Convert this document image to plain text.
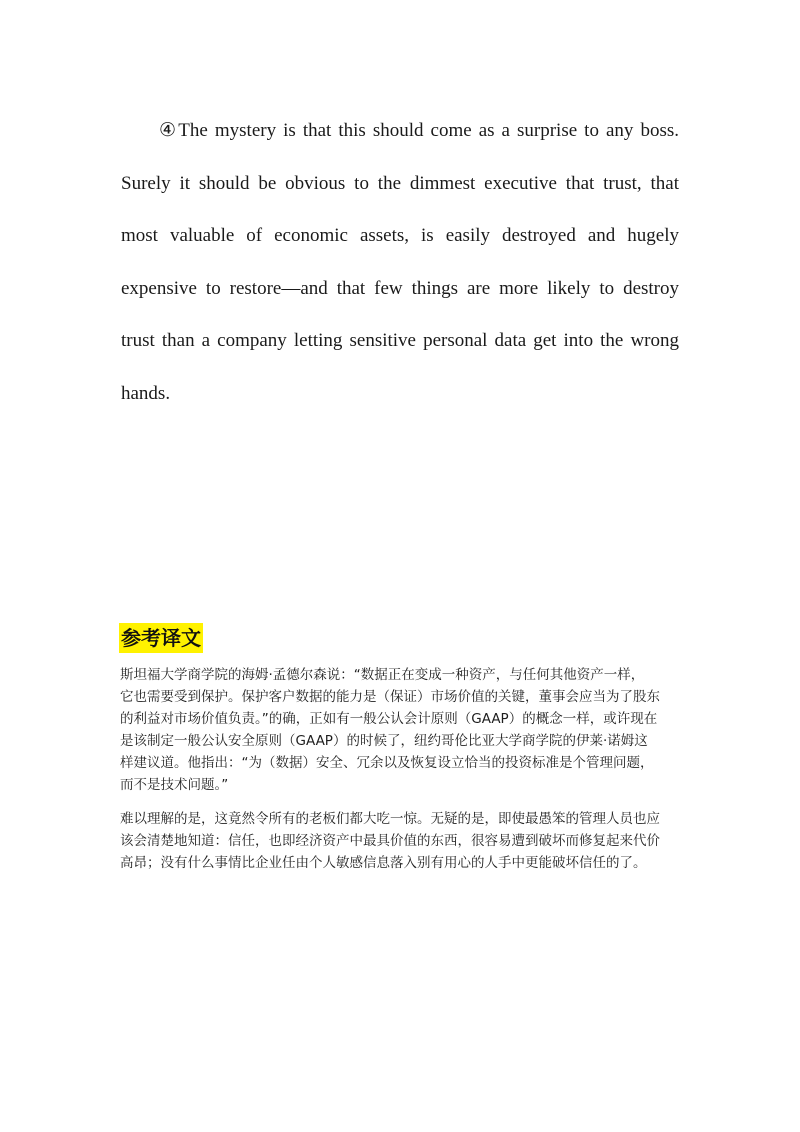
④The mystery is that this should come as a surprise to any boss.
Surely it should be obvious to the dimmest executive that trust, that
most valuable of economic assets, is easily destroyed and hugely
expensive to restore—and that few things are more likely to destroy
trust than a company letting sensitive personal data get into the wrong
hands.

参考译文

斯坦福大学商学院的海姆·孟德尔森说：“数据正在变成一种资产，与任何其他资产一样，
它也需要受到保护。保护客户数据的能力是（保证）市场价值的关键，董事会应当为了股东
的利益对市场价值负责。”的确，正如有一般公认会计原则（GAAP）的概念一样，或许现在
是该制定一般公认安全原则（GAAP）的时候了，纽约哥伦比亚大学商学院的伊莱·诺姆这
样建议道。他指出：“为（数据）安全、冗余以及恢复设立恰当的投资标准是个管理问题，
而不是技术问题。”

难以理解的是，这竟然令所有的老板们都大吃一惊。无疑的是，即使最愚笨的管理人员也应
该会清楚地知道：信任，也即经济资产中最具价值的东西，很容易遭到破坏而修复起来代价
高昂；没有什么事情比企业任由个人敏感信息落入别有用心的人手中更能破坏信任的了。
